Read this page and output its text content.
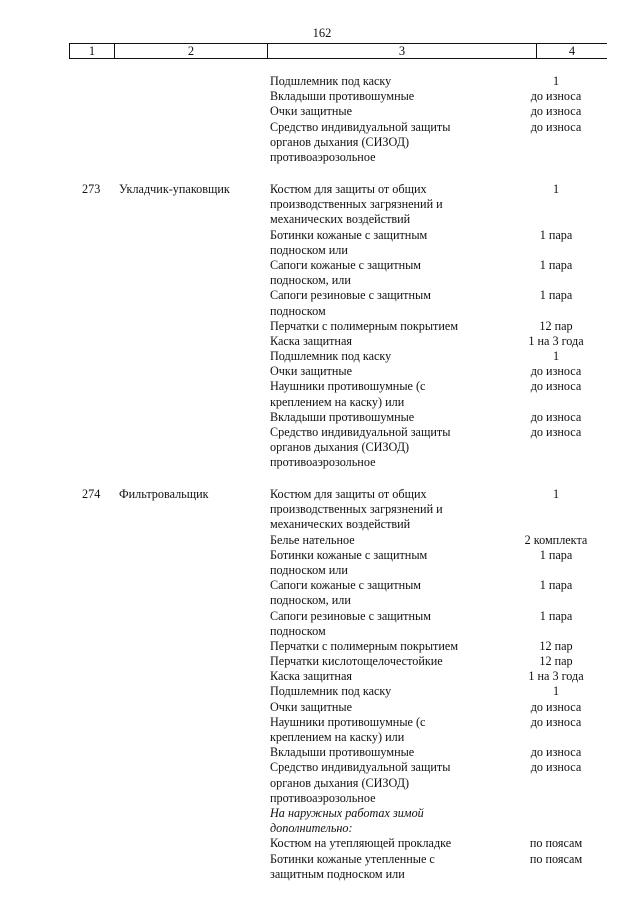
162
1	2	3	4
Подшлемник под каску	1
Вкладыши противошумные	до износа
Очки защитные	до износа
Средство индивидуальной защиты	до износа
органов дыхания (СИЗОД)
противоаэрозольное
273 Укладчик-упаковщик	Костюм для защиты от общих	1
производственных загрязнений и
механических воздействий
Ботинки кожаные с защитным	1 пара
подноском или
Сапоги кожаные с защитным	1 пара
подноском, или
Сапоги резиновые с защитным	1 пара
подноском
Перчатки с полимерным покрытием	12 пар
Каска защитная	1 на 3 года
Подшлемник под каску	1
Очки защитные	до износа
Наушники противошумные (с	до износа
креплением на каску) или
Вкладыши противошумные	до износа
Средство индивидуальной защиты	до износа
органов дыхания (СИЗОД)
противоаэрозольное
274 Фильтровальщик	Костюм для защиты от общих	1
производственных загрязнений и
механических воздействий
Белье нательное	2 комплекта
Ботинки кожаные с защитным	1 пара
подноском или
Сапоги кожаные с защитным	1 пара
подноском, или
Сапоги резиновые с защитным	1 пара
подноском
Перчатки с полимерным покрытием	12 пар
Перчатки кислотощелочестойкие	12 пар
Каска защитная	1 на 3 года
Подшлемник под каску	1
Очки защитные	до износа
Наушники противошумные (с	до износа
креплением на каску) или
Вкладыши противошумные	до износа
Средство индивидуальной защиты	до износа
органов дыхания (СИЗОД)
противоаэрозольное
На наружных работах зимой
дополнительно:
Костюм на утепляющей прокладке	по поясам
Ботинки кожаные утепленные с	по поясам
защитным подноском или
